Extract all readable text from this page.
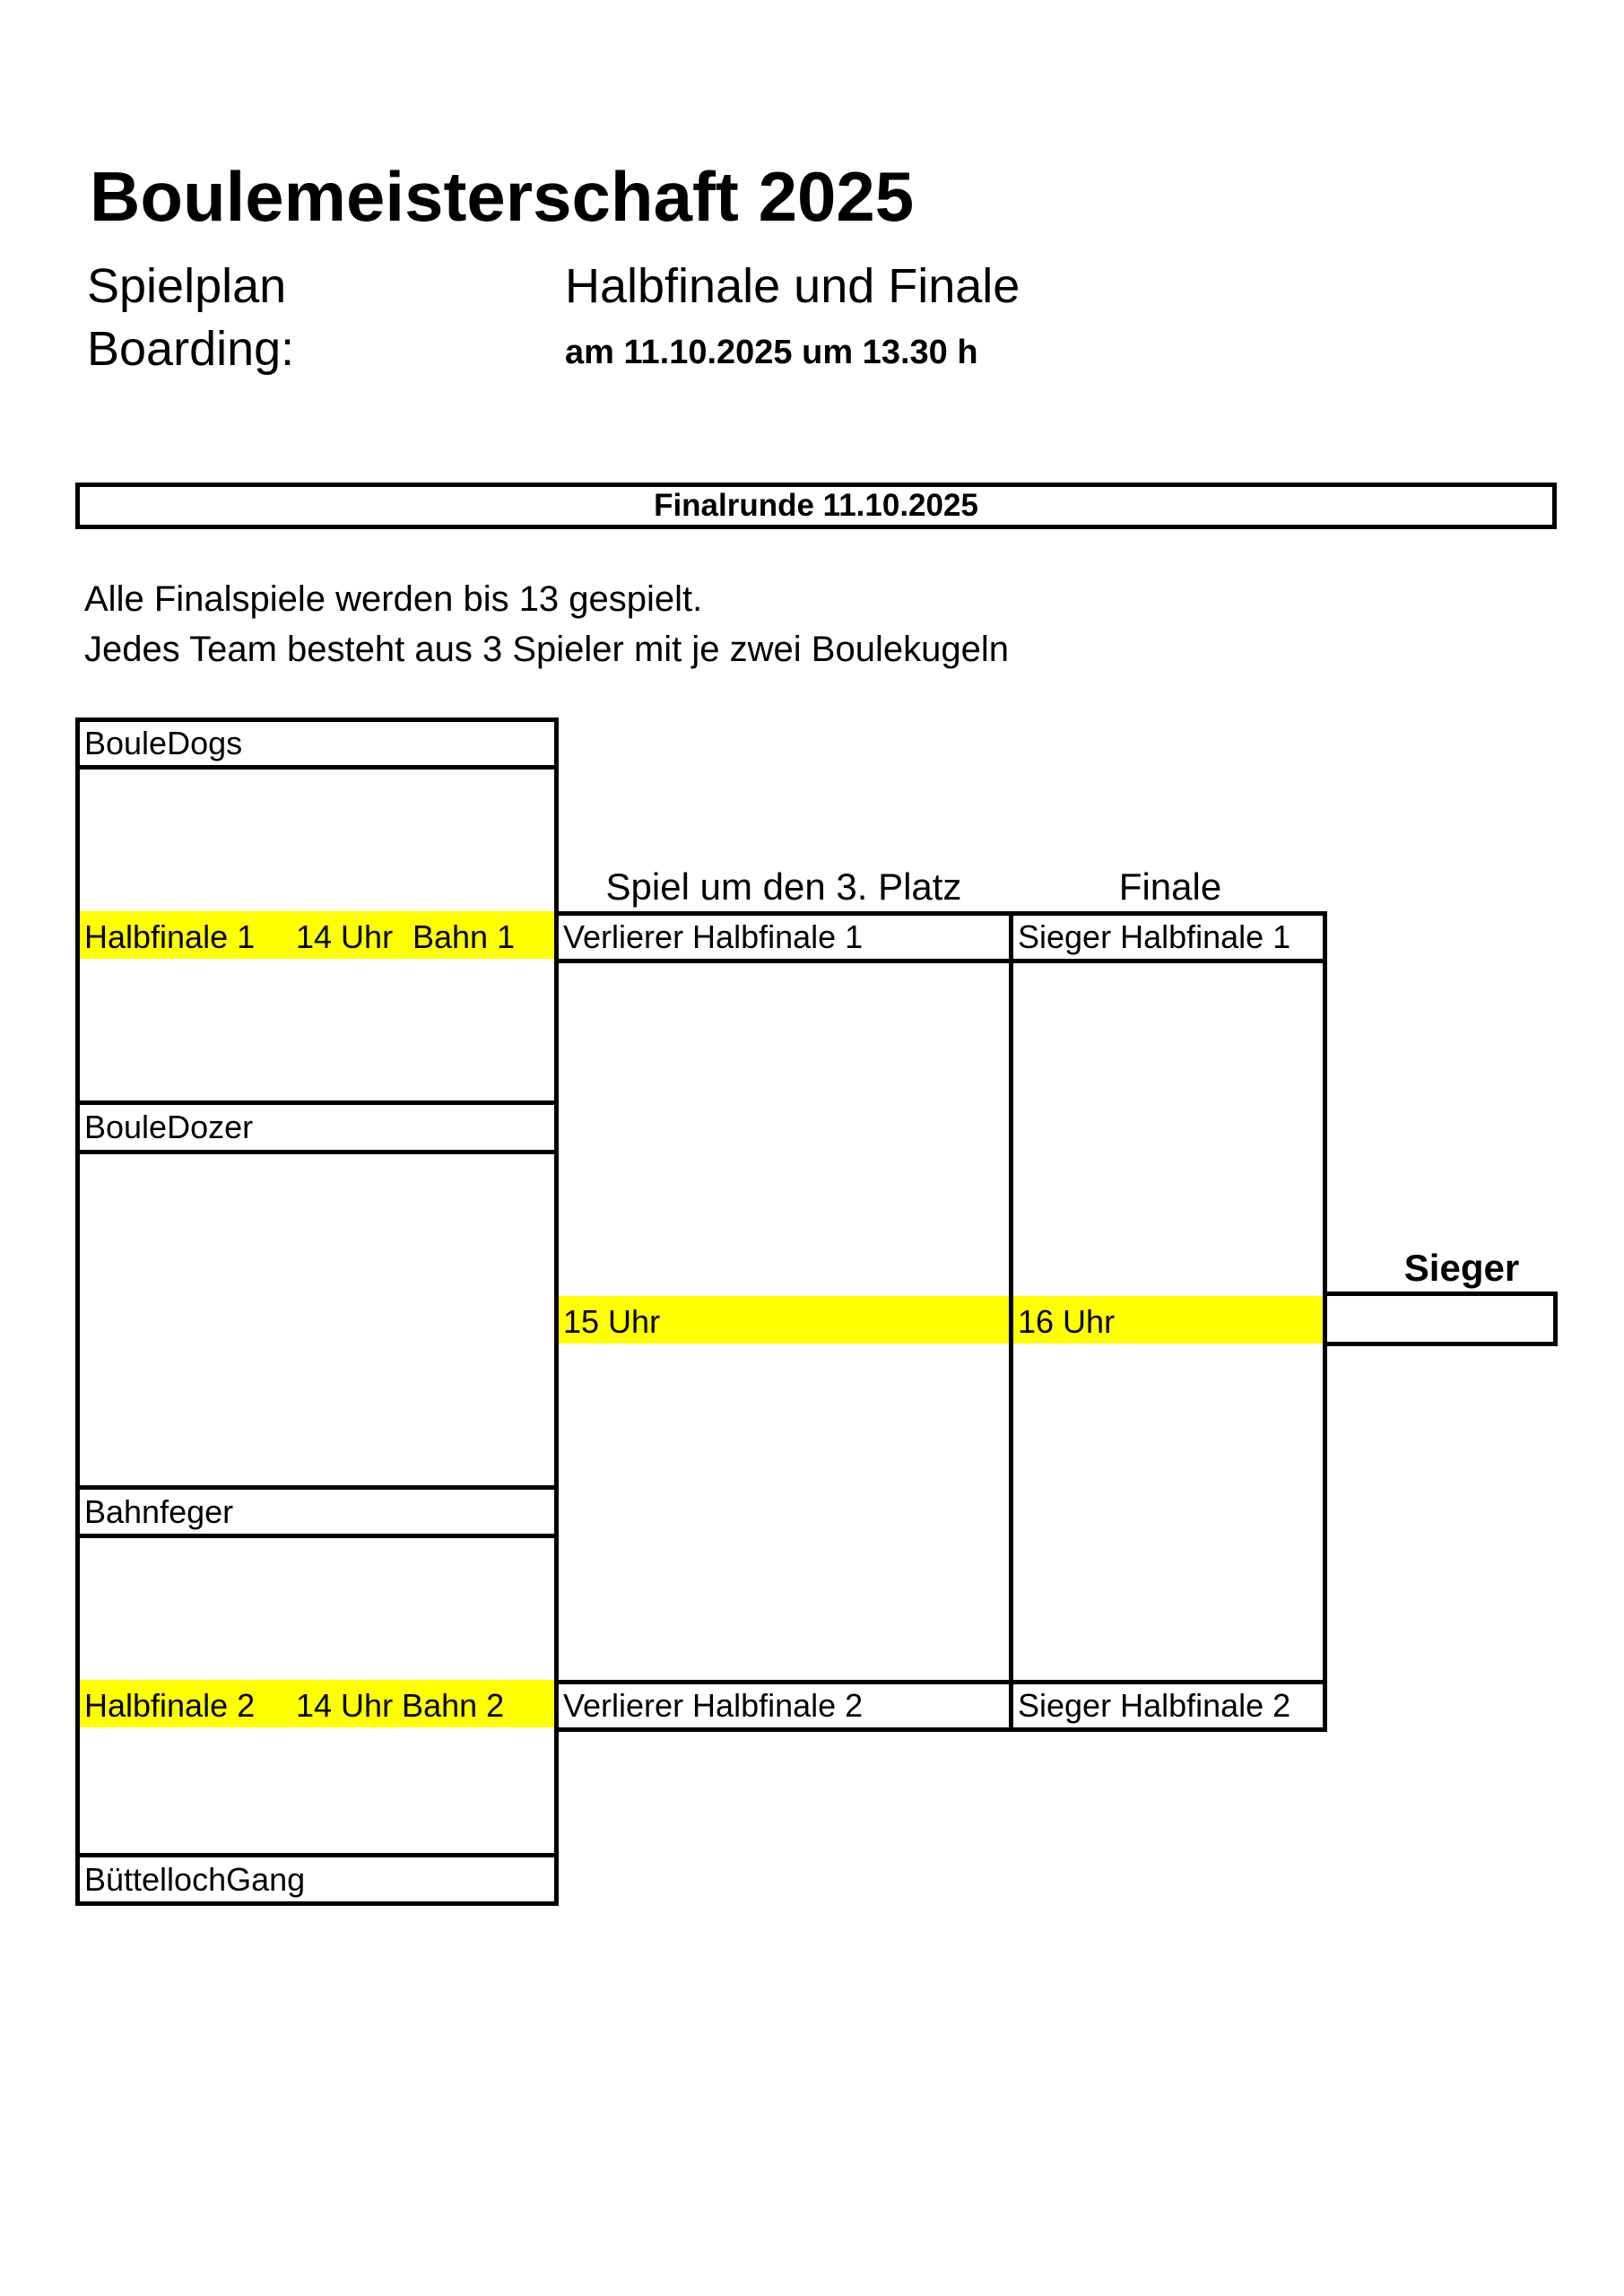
Boulemeisterschaft 2025
Spielplan	Halbfinale und Finale
Boarding:	am 11.10.2025 um 13.30 h
Finalrunde 11.10.2025
Alle Finalspiele werden bis 13 gespielt.
Jedes Team besteht aus 3 Spieler mit je zwei Boulekugeln
BouleDogs
BouleDozer
Bahnfeger
BüttellochGang
Halbfinale 1 14 Uhr Bahn 1
Halbfinale 2 14 Uhr Bahn 2
Spiel um den 3. Platz	Finale
Verlierer Halbfinale 1
15 Uhr
Verlierer Halbfinale 2
Sieger Halbfinale 1
16 Uhr
Sieger Halbfinale 2
Sieger
